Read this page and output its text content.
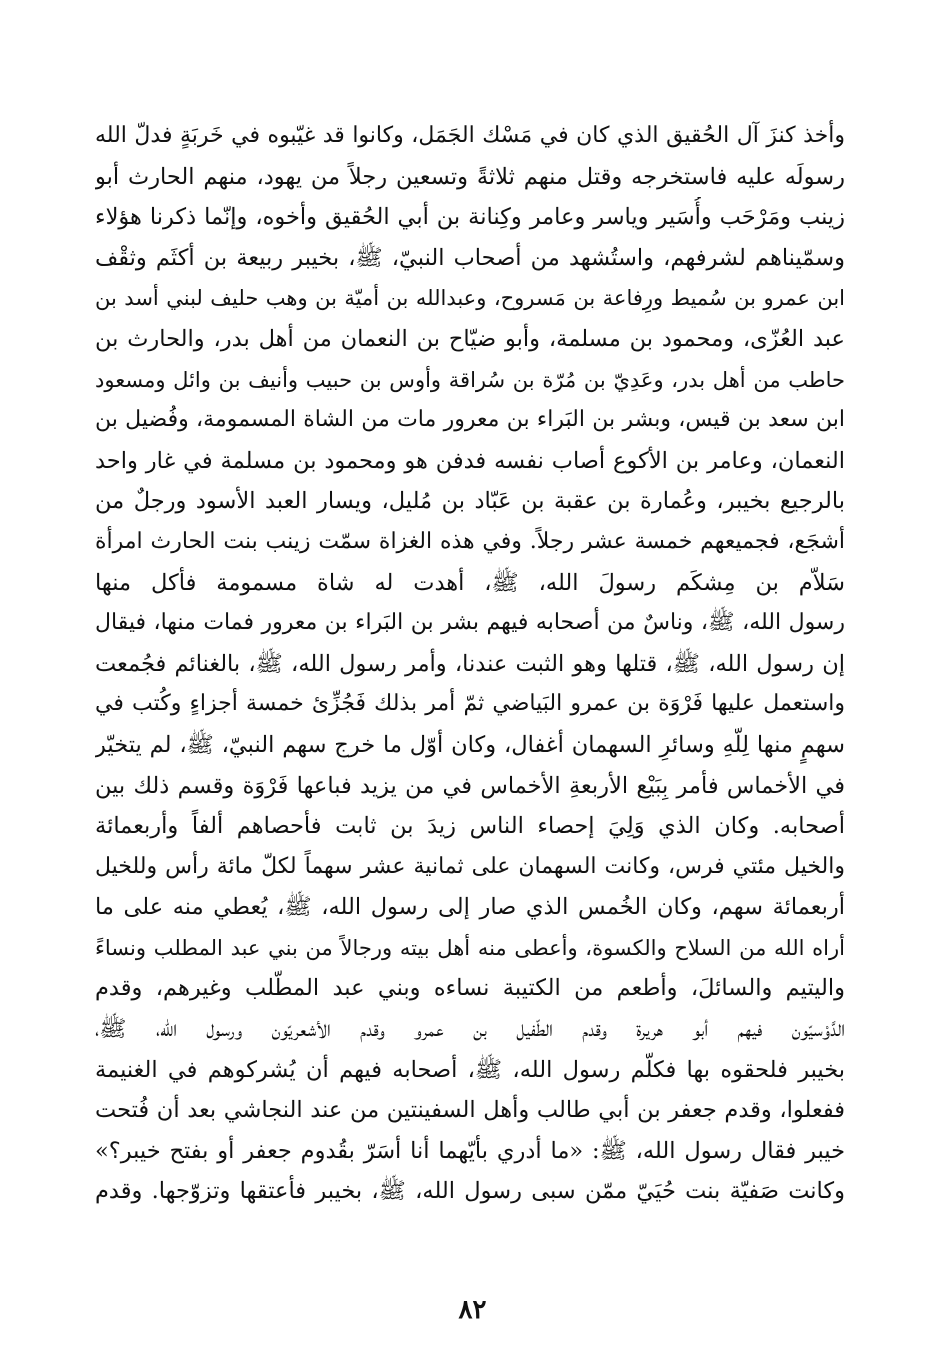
وأخذ كنزَ آل الحُقيق الذي كان في مَسْك الجَمَل، وكانوا قد غيّبوه في خَربَةٍ فدلّ الله
رسولَه عليه فاستخرجه وقتل منهم ثلاثةً وتسعين رجلاً من يهود، منهم الحارث أبو
زينب ومَرْحَب وأُسَير وياسر وعامر وكِنانة بن أبي الحُقيق وأخوه، وإنّما ذكرنا هؤلاء
وسمّيناهم لشرفهم، واستُشهد من أصحاب النبيّ، ﷺ، بخيبر ربيعة بن أكثَم وثقْف
ابن عمرو بن سُميط ورِفاعة بن مَسروح، وعبدالله بن أميّة بن وهب حليف لبني أسد بن
عبد العُزّى، ومحمود بن مسلمة، وأبو ضيّاح بن النعمان من أهل بدر، والحارث بن
حاطب من أهل بدر، وعَدِيّ بن مُرّة بن سُراقة وأوس بن حبيب وأنيف بن وائل ومسعود
ابن سعد بن قيس، وبشر بن البَراء بن معرور مات من الشاة المسمومة، وفُضيل بن
النعمان، وعامر بن الأكوع أصاب نفسه فدفن هو ومحمود بن مسلمة في غار واحد
بالرجيع بخيبر، وعُمارة بن عقبة بن عَبّاد بن مُليل، ويسار العبد الأسود ورجلٌ من
أشجَع، فجميعهم خمسة عشر رجلاً. وفي هذه الغزاة سمّت زينب بنت الحارث امرأة
سَلاّم بن مِشكَم رسولَ الله، ﷺ، أهدت له شاة مسمومة فأكل منها
رسول الله، ﷺ، وناسٌ من أصحابه فيهم بشر بن البَراء بن معرور فمات منها، فيقال
إن رسول الله، ﷺ، قتلها وهو الثبت عندنا، وأمر رسول الله، ﷺ، بالغنائم فجُمعت
واستعمل عليها فَرْوَة بن عمرو البَياضي ثمّ أمر بذلك فَجُزِّئ خمسة أجزاءٍ وكُتب في
سهمٍ منها لِلّهِ وسائرِ السهمان أغفال، وكان أوّل ما خرج سهم النبيّ، ﷺ، لم يتخيّر
في الأخماس فأمر بِبَيْع الأربعةِ الأخماس في من يزيد فباعها فَرْوَة وقسم ذلك بين
أصحابه. وكان الذي وَلِيَ إحصاء الناس زيدَ بن ثابت فأحصاهم ألفاً وأربعمائة
والخيل مئتي فرس، وكانت السهمان على ثمانية عشر سهماً لكلّ مائة رأس وللخيل
أربعمائة سهم، وكان الخُمس الذي صار إلى رسول الله، ﷺ، يُعطي منه على ما
أراه الله من السلاح والكسوة، وأعطى منه أهل بيته ورجالاً من بني عبد المطلب ونساءً
واليتيم والسائلَ، وأطعم من الكتيبة نساءه وبني عبد المطّلب وغيرهم، وقدم
الدَّوْسيّون فيهم أبو هريرة وقدم الطّفيل بن عمرو وقدم الأشعريّون ورسول الله، ﷺ،
بخيبر فلحقوه بها فكلّم رسول الله، ﷺ، أصحابه فيهم أن يُشركوهم في الغنيمة
ففعلوا، وقدم جعفر بن أبي طالب وأهل السفينتين من عند النجاشي بعد أن فُتحت
خيبر فقال رسول الله، ﷺ: «ما أدري بأيّهما أنا أسَرّ بقُدوم جعفر أو بفتح خيبر؟»
وكانت صَفيّة بنت حُيَيّ ممّن سبى رسول الله، ﷺ، بخيبر فأعتقها وتزوّجها. وقدم
٨٢
